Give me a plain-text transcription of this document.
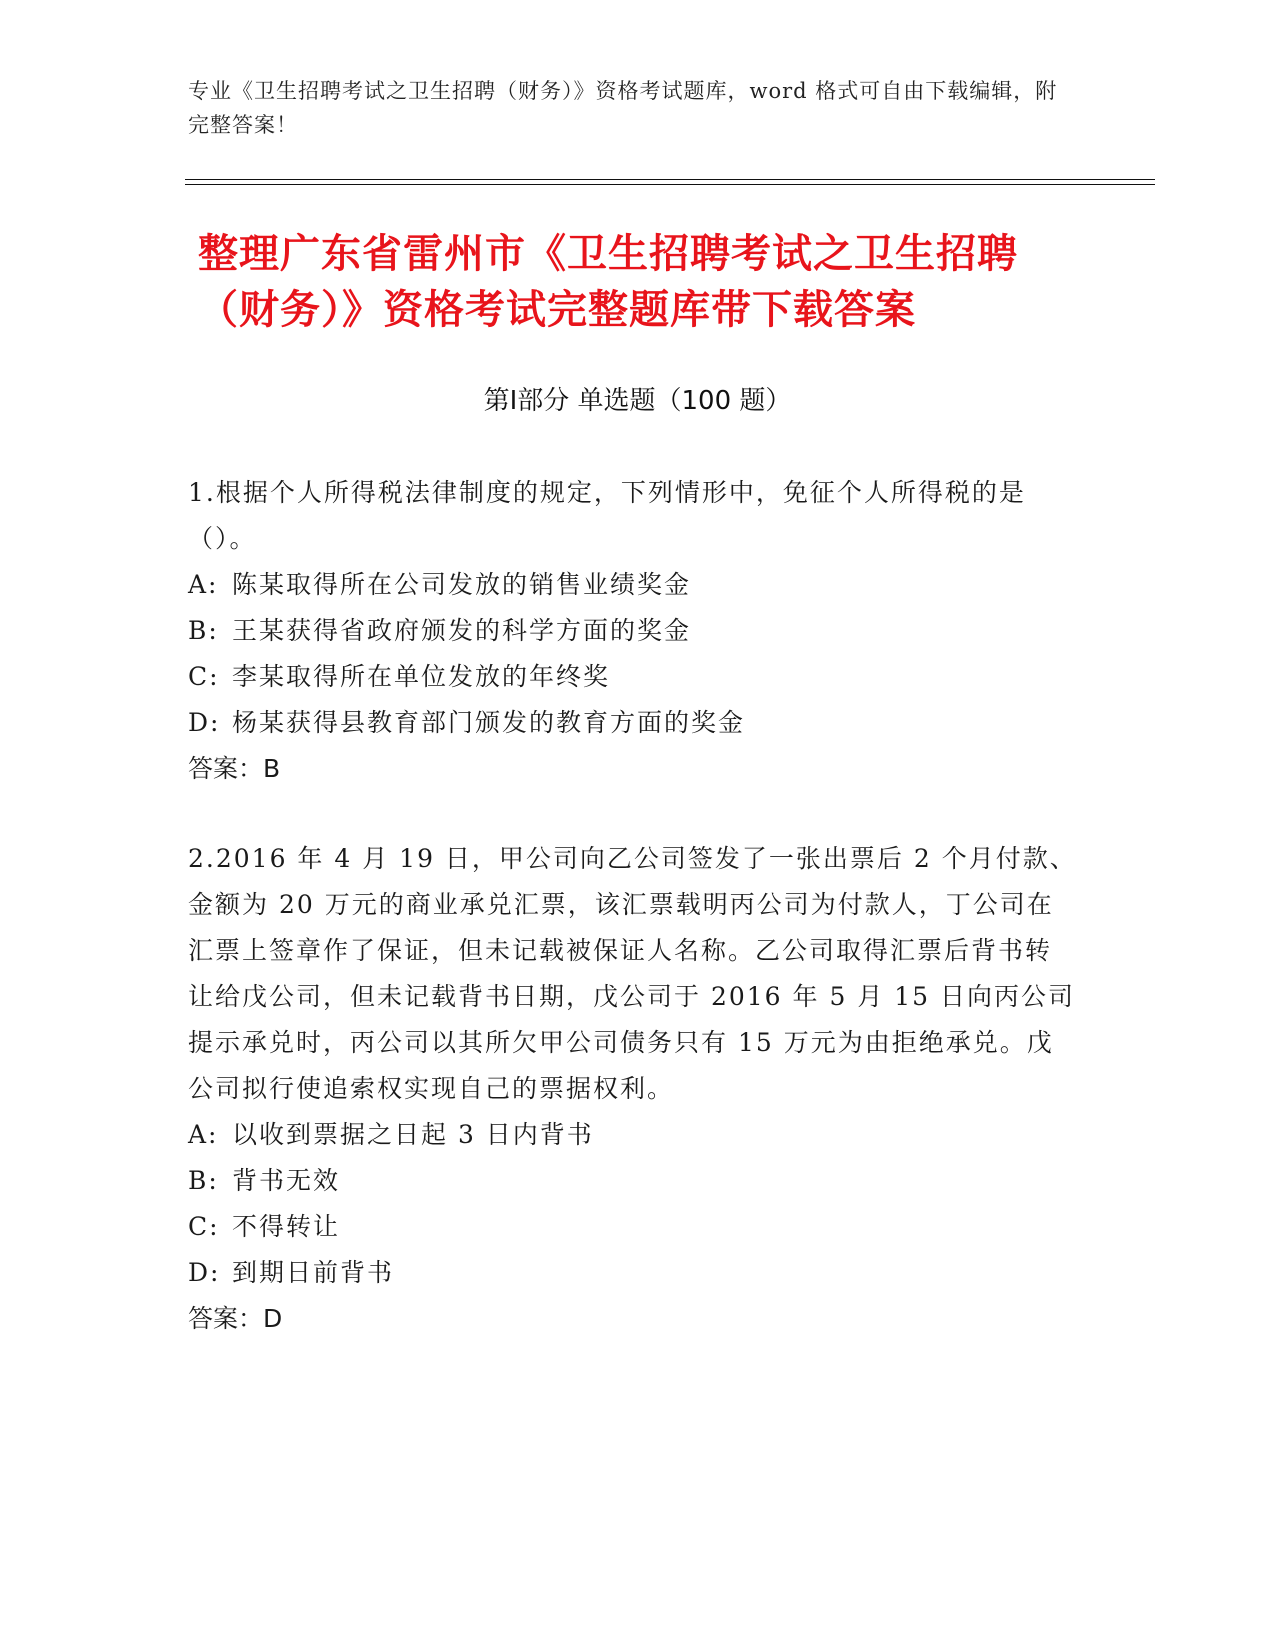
专业《卫生招聘考试之卫生招聘（财务）》资格考试题库，word 格式可自由下载编辑，附完整答案！
整理广东省雷州市《卫生招聘考试之卫生招聘（财务）》资格考试完整题库带下载答案
第Ⅰ部分 单选题（100 题）

1.根据个人所得税法律制度的规定，下列情形中，免征个人所得税的是（）。

A: 陈某取得所在公司发放的销售业绩奖金
B: 王某获得省政府颁发的科学方面的奖金
C: 李某取得所在单位发放的年终奖
D: 杨某获得县教育部门颁发的教育方面的奖金
答案：B

2.2016 年 4 月 19 日，甲公司向乙公司签发了一张出票后 2 个月付款、金额为 20 万元的商业承兑汇票，该汇票载明丙公司为付款人，丁公司在汇票上签章作了保证，但未记载被保证人名称。乙公司取得汇票后背书转让给戊公司，但未记载背书日期，戊公司于 2016 年 5 月 15 日向丙公司提示承兑时，丙公司以其所欠甲公司债务只有 15 万元为由拒绝承兑。戊公司拟行使追索权实现自己的票据权利。

A: 以收到票据之日起 3 日内背书
B: 背书无效
C: 不得转让
D: 到期日前背书
答案：D
